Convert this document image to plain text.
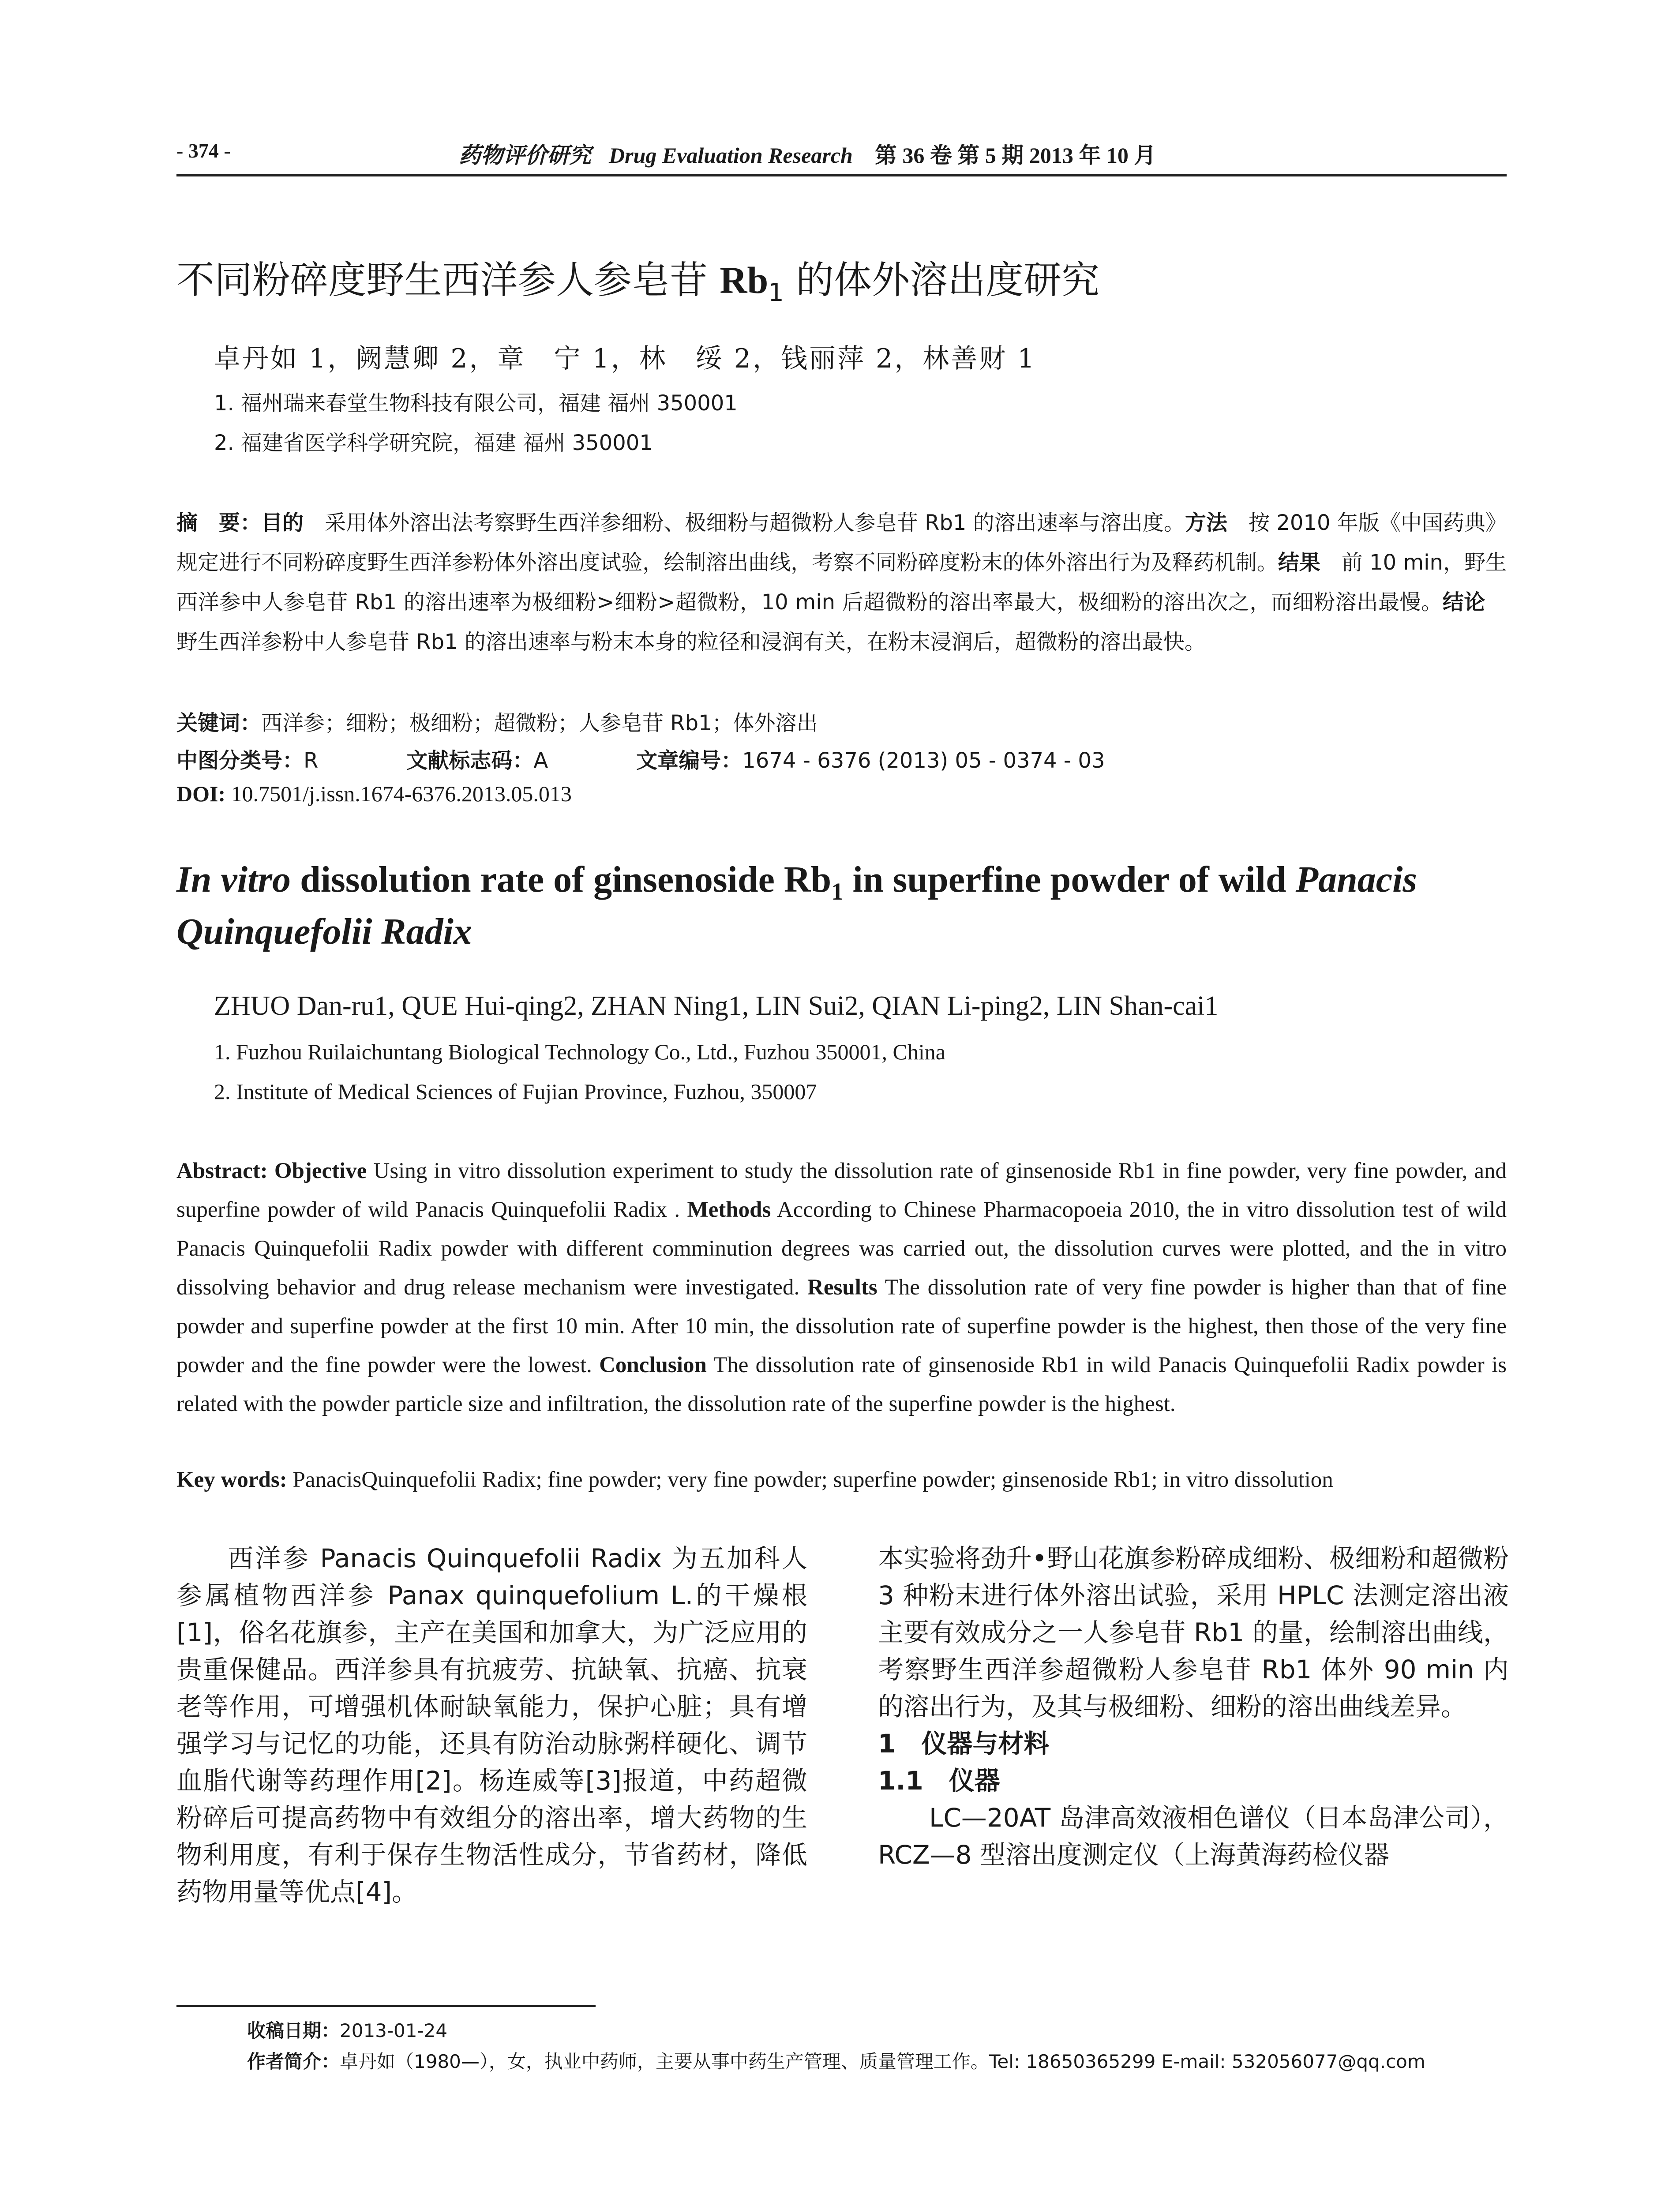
- 374 -	药物评价研究 Drug Evaluation Research 第 36 卷 第 5 期 2013 年 10 月
不同粉碎度野生西洋参人参皂苷 $Rb_1$ 的体外溶出度研究
卓丹如 1，阙慧卿 2，章　宁 1，林　绥 2，钱丽萍 2，林善财 1
1. 福州瑞来春堂生物科技有限公司，福建 福州 350001
2. 福建省医学科学研究院，福建 福州 350001
摘　要：目的　采用体外溶出法考察野生西洋参细粉、极细粉与超微粉人参皂苷 Rb1 的溶出速率与溶出度。方法　按 2010 年版《中国药典》规定进行不同粉碎度野生西洋参粉体外溶出度试验，绘制溶出曲线，考察不同粉碎度粉末的体外溶出行为及释药机制。结果　前 10 min，野生西洋参中人参皂苷 Rb1 的溶出速率为极细粉>细粉>超微粉，10 min 后超微粉的溶出率最大，极细粉的溶出次之，而细粉溶出最慢。结论　野生西洋参粉中人参皂苷 Rb1 的溶出速率与粉末本身的粒径和浸润有关，在粉末浸润后，超微粉的溶出最快。
关键词：西洋参；细粉；极细粉；超微粉；人参皂苷 Rb1；体外溶出
中图分类号：R	文献标志码：A	文章编号：1674 - 6376 (2013) 05 - 0374 - 03
DOI: 10.7501/j.issn.1674-6376.2013.05.013
In vitro dissolution rate of ginsenoside $Rb_1$ in superfine powder of wild Panacis Quinquefolii Radix
ZHUO Dan-ru1, QUE Hui-qing2, ZHAN Ning1, LIN Sui2, QIAN Li-ping2, LIN Shan-cai1
1. Fuzhou Ruilaichuntang Biological Technology Co., Ltd., Fuzhou 350001, China
2. Institute of Medical Sciences of Fujian Province, Fuzhou, 350007
Abstract: Objective Using in vitro dissolution experiment to study the dissolution rate of ginsenoside Rb1 in fine powder, very fine powder, and superfine powder of wild Panacis Quinquefolii Radix . Methods According to Chinese Pharmacopoeia 2010, the in vitro dissolution test of wild Panacis Quinquefolii Radix powder with different comminution degrees was carried out, the dissolution curves were plotted, and the in vitro dissolving behavior and drug release mechanism were investigated. Results The dissolution rate of very fine powder is higher than that of fine powder and superfine powder at the first 10 min. After 10 min, the dissolution rate of superfine powder is the highest, then those of the very fine powder and the fine powder were the lowest. Conclusion The dissolution rate of ginsenoside Rb1 in wild Panacis Quinquefolii Radix powder is related with the powder particle size and infiltration, the dissolution rate of the superfine powder is the highest.
Key words: PanacisQuinquefolii Radix; fine powder; very fine powder; superfine powder; ginsenoside Rb1; in vitro dissolution

西洋参 Panacis Quinquefolii Radix 为五加科人参属植物西洋参 Panax quinquefolium L.的干燥根[1]，俗名花旗参，主产在美国和加拿大，为广泛应用的贵重保健品。西洋参具有抗疲劳、抗缺氧、抗癌、抗衰老等作用，可增强机体耐缺氧能力，保护心脏；具有增强学习与记忆的功能，还具有防治动脉粥样硬化、调节血脂代谢等药理作用[2]。杨连威等[3]报道，中药超微粉碎后可提高药物中有效组分的溶出率，增大药物的生物利用度，有利于保存生物活性成分，节省药材，降低药物用量等优点[4]。

本实验将劲升•野山花旗参粉碎成细粉、极细粉和超微粉 3 种粉末进行体外溶出试验，采用 HPLC 法测定溶出液主要有效成分之一人参皂苷 Rb1 的量，绘制溶出曲线，考察野生西洋参超微粉人参皂苷 Rb1 体外 90 min 内的溶出行为，及其与极细粉、细粉的溶出曲线差异。

1　仪器与材料

1.1　仪器

LC—20AT 岛津高效液相色谱仪（日本岛津公司），RCZ—8 型溶出度测定仪（上海黄海药检仪器

收稿日期：2013-01-24
作者简介：卓丹如（1980—），女，执业中药师，主要从事中药生产管理、质量管理工作。Tel: 18650365299 E-mail: 532056077@qq.com
